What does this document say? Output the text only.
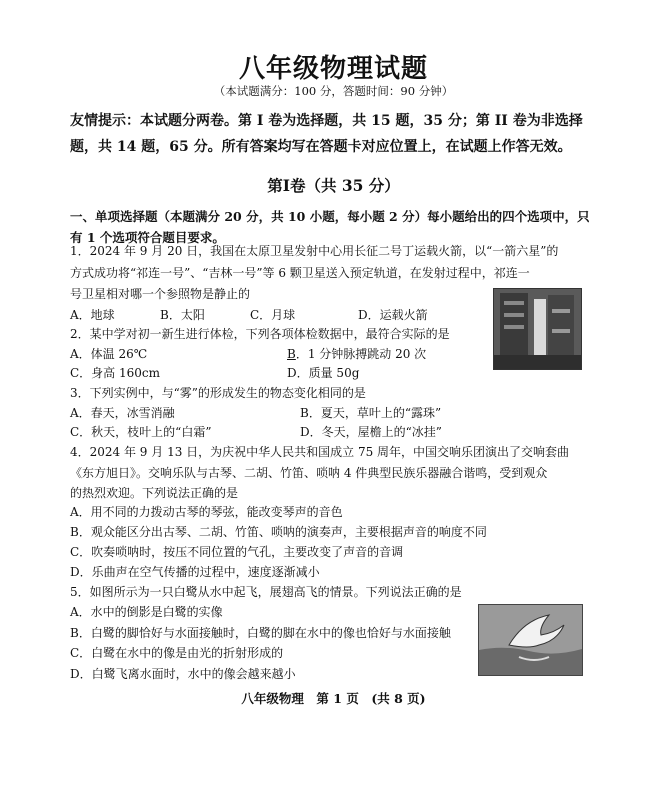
八年级物理试题
（本试题满分：100 分，答题时间：90 分钟）
友情提示：本试题分两卷。第 I 卷为选择题，共 15 题，35 分；第 II 卷为非选择
题，共 14 题，65 分。所有答案均写在答题卡对应位置上，在试题上作答无效。
第Ⅰ卷（共 35 分）
一、单项选择题（本题满分 20 分，共 10 小题，每小题 2 分）每小题给出的四个选项中，只
有 1 个选项符合题目要求。
1．2024 年 9 月 20 日，我国在太原卫星发射中心用长征二号丁运载火箭，以“一箭六星”的
方式成功将“祁连一号”、“吉林一号”等 6 颗卫星送入预定轨道，在发射过程中，祁连一
号卫星相对哪一个参照物是静止的
A．地球	B．太阳	C．月球	D．运载火箭
2．某中学对初一新生进行体检，下列各项体检数据中，最符合实际的是
A．体温 26℃	B．1 分钟脉搏跳动 20 次
C．身高 160cm	D．质量 50g
3．下列实例中，与“雾”的形成发生的物态变化相同的是
A．春天，冰雪消融	B．夏天，草叶上的“露珠”
C．秋天，枝叶上的“白霜”	D．冬天，屋檐上的“冰挂”
4．2024 年 9 月 13 日，为庆祝中华人民共和国成立 75 周年，中国交响乐团演出了交响套曲
《东方旭日》。交响乐队与古琴、二胡、竹笛、唢呐 4 件典型民族乐器融合谐鸣，受到观众
的热烈欢迎。下列说法正确的是
A．用不同的力拨动古琴的琴弦，能改变琴声的音色
B．观众能区分出古琴、二胡、竹笛、唢呐的演奏声，主要根据声音的响度不同
C．吹奏唢呐时，按压不同位置的气孔，主要改变了声音的音调
D．乐曲声在空气传播的过程中，速度逐渐减小
5．如图所示为一只白鹭从水中起飞，展翅高飞的情景。下列说法正确的是
A．水中的倒影是白鹭的实像
B．白鹭的脚恰好与水面接触时，白鹭的脚在水中的像也恰好与水面接触
C．白鹭在水中的像是由光的折射形成的
D．白鹭飞离水面时，水中的像会越来越小
八年级物理　第 1 页　(共 8 页)
